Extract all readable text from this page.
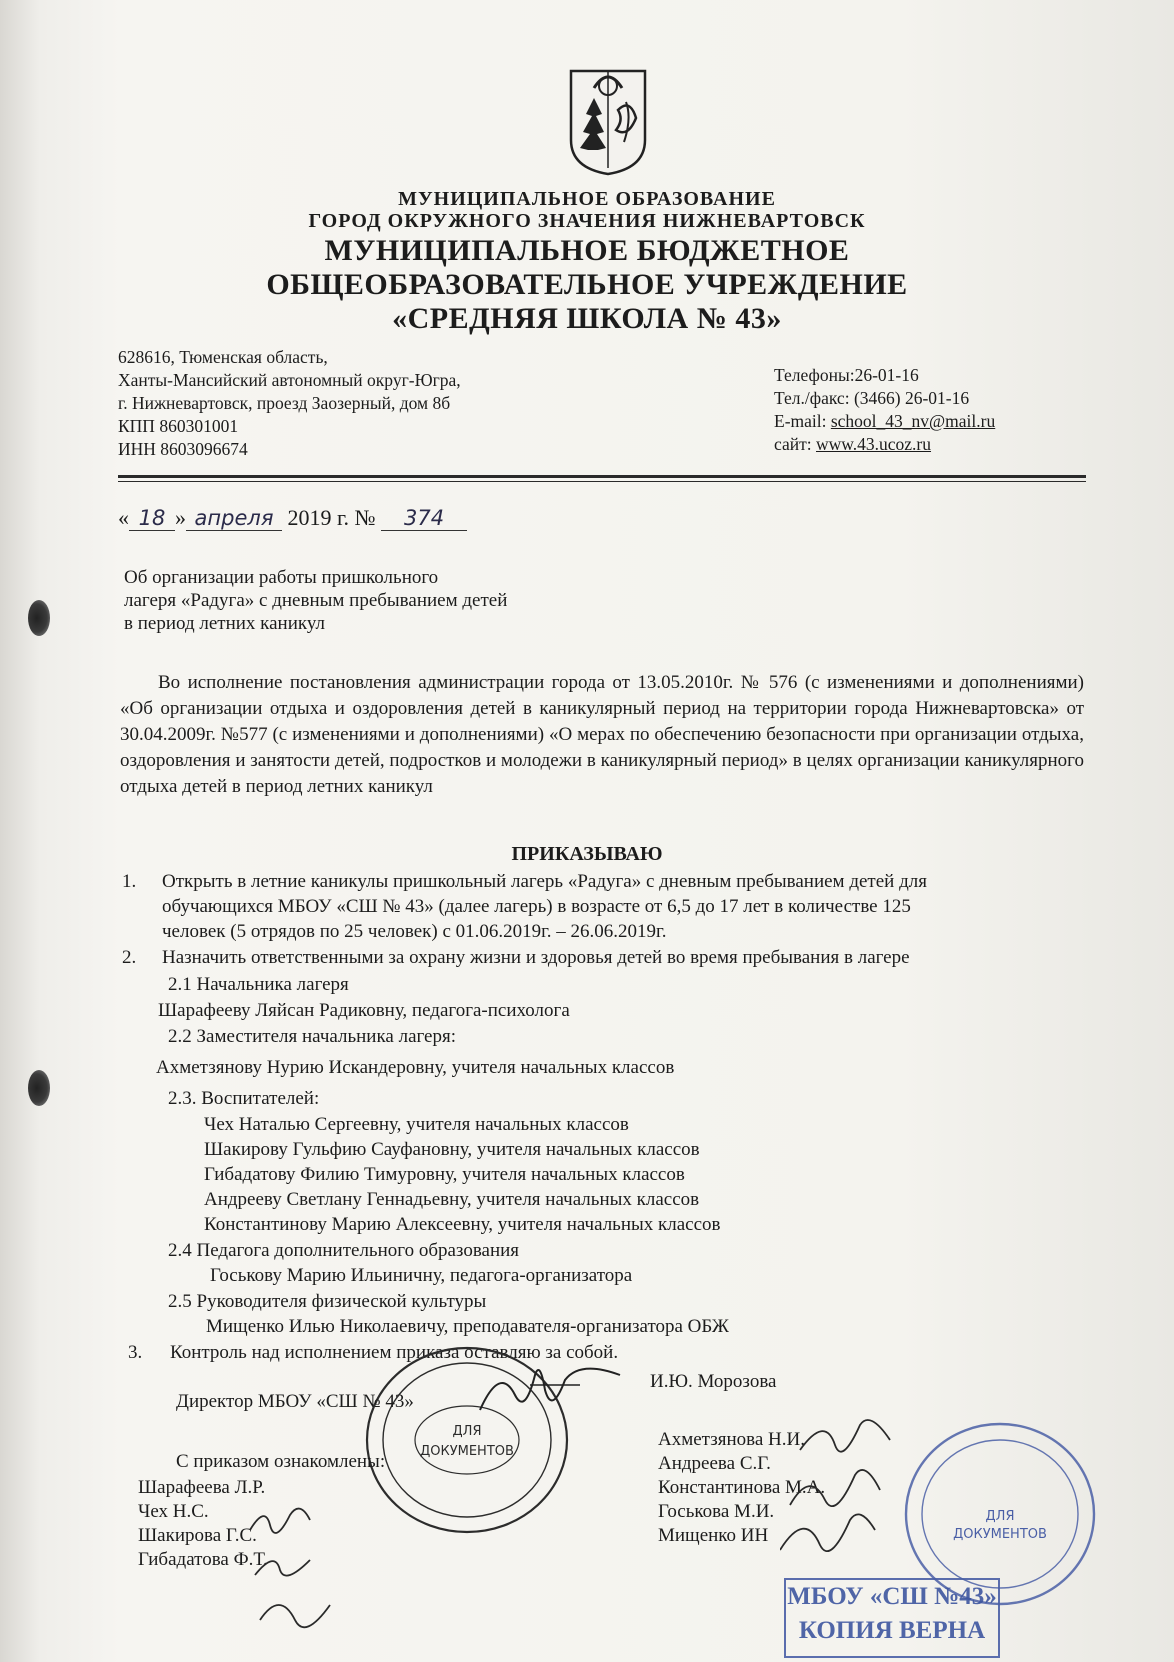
МУНИЦИПАЛЬНОЕ ОБРАЗОВАНИЕ
ГОРОД ОКРУЖНОГО ЗНАЧЕНИЯ НИЖНЕВАРТОВСК
МУНИЦИПАЛЬНОЕ БЮДЖЕТНОЕ
ОБЩЕОБРАЗОВАТЕЛЬНОЕ УЧРЕЖДЕНИЕ
«СРЕДНЯЯ ШКОЛА № 43»
628616, Тюменская область,
Ханты-Мансийский автономный округ-Югра,
г. Нижневартовск, проезд Заозерный, дом 8б
КПП 860301001
ИНН 8603096674
Телефоны:26-01-16
Тел./факс: (3466) 26-01-16
E-mail: school_43_nv@mail.ru
сайт: www.43.ucoz.ru
« 18 » апреля 2019 г. № 374
Об организации работы пришкольного
лагеря «Радуга» с дневным пребыванием детей
в период летних каникул
Во исполнение постановления администрации города от 13.05.2010г. № 576 (с изменениями и дополнениями) «Об организации отдыха и оздоровления детей в каникулярный период на территории города Нижневартовска» от 30.04.2009г. №577 (с изменениями и дополнениями) «О мерах по обеспечению безопасности при организации отдыха, оздоровления и занятости детей, подростков и молодежи в каникулярный период» в целях организации каникулярного отдыха детей в период летних каникул
ПРИКАЗЫВАЮ
1. Открыть в летние каникулы пришкольный лагерь «Радуга» с дневным пребыванием детей для
обучающихся МБОУ «СШ № 43» (далее лагерь) в возрасте от 6,5 до 17 лет в количестве 125
человек (5 отрядов по 25 человек) с 01.06.2019г. – 26.06.2019г.
2. Назначить ответственными за охрану жизни и здоровья детей во время пребывания в лагере
2.1 Начальника лагеря
Шарафееву Ляйсан Радиковну, педагога-психолога
2.2 Заместителя начальника лагеря:
Ахметзянову Нурию Искандеровну, учителя начальных классов
2.3. Воспитателей:
Чех Наталью Сергеевну, учителя начальных классов
Шакирову Гульфию Сауфановну, учителя начальных классов
Гибадатову Филию Тимуровну, учителя начальных классов
Андрееву Светлану Геннадьевну, учителя начальных классов
Константинову Марию Алексеевну, учителя начальных классов
2.4 Педагога дополнительного образования
Госькову Марию Ильиничну, педагога-организатора
2.5 Руководителя физической культуры
Мищенко Илью Николаевичу, преподавателя-организатора ОБЖ
3. Контроль над исполнением приказа оставляю за собой.
ДЛЯ
ДОКУМЕНТОВ
И.Ю. Морозова
Директор МБОУ «СШ № 43»
С приказом ознакомлены:
Шарафеева Л.Р.
Чех Н.С.
Шакирова Г.С.
Гибадатова Ф.Т.
Ахметзянова Н.И.
Андреева С.Г.
Константинова М.А.
Госькова М.И.
Мищенко ИН
ДЛЯ
ДОКУМЕНТОВ
МБОУ «СШ №43»
КОПИЯ ВЕРНА
